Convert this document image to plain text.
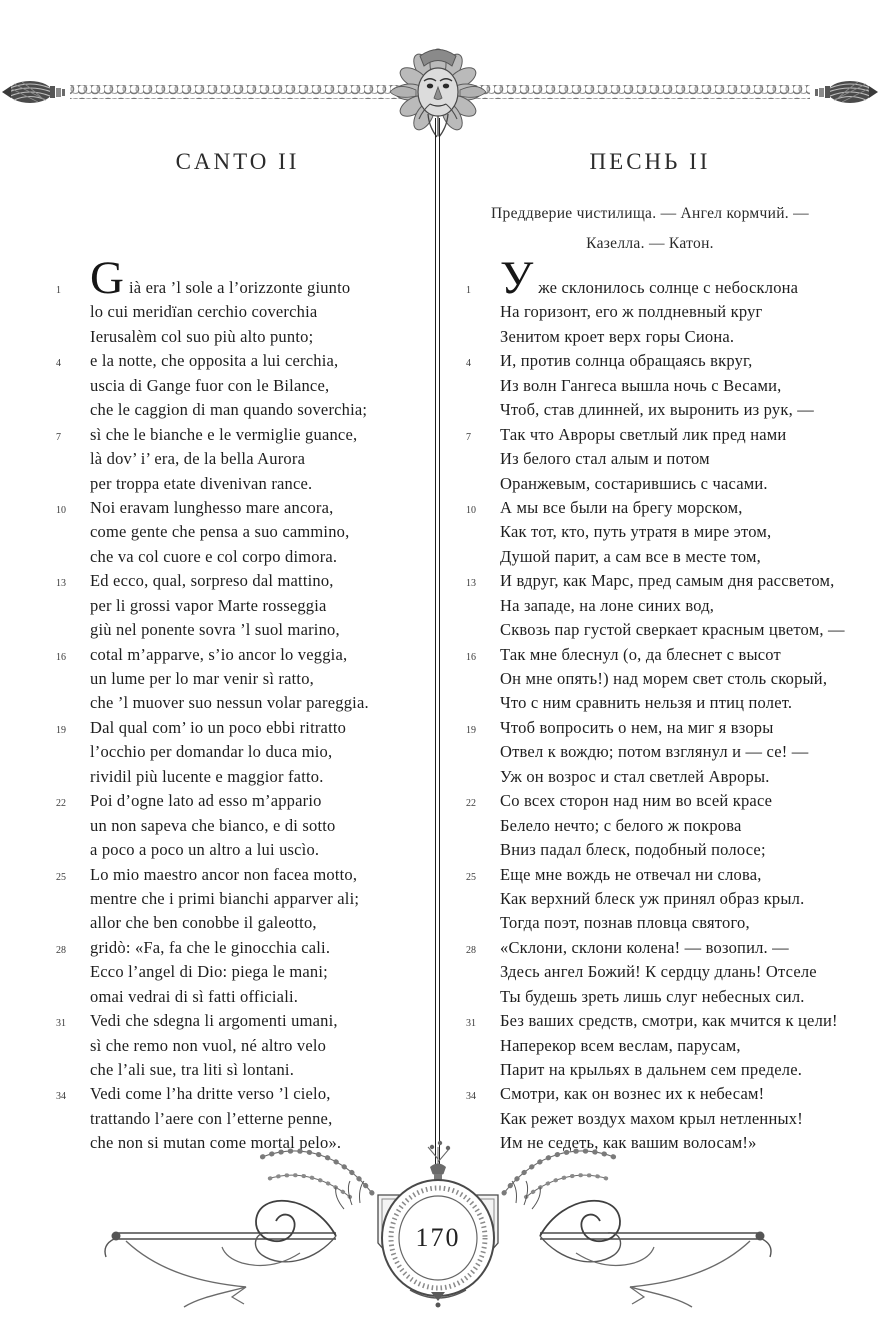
CANTO II	ПЕСНЬ II
Преддверие чистилища. — Ангел кормчий. —
Казелла. — Катон.
1 G ià era ’l sole a l’orizzonte giunto
lo cui meridïan cerchio coverchia
Ierusalèm col suo più alto punto;
4 e la notte, che opposita a lui cerchia,
uscia di Gange fuor con le Bilance,
che le caggion di man quando soverchia;
7 sì che le bianche e le vermiglie guance,
là dov’ i’ era, de la bella Aurora
per troppa etate divenivan rance.
10 Noi eravam lunghesso mare ancora,
come gente che pensa a suo cammino,
che va col cuore e col corpo dimora.
13 Ed ecco, qual, sorpreso dal mattino,
per li grossi vapor Marte rosseggia
giù nel ponente sovra ’l suol marino,
16 cotal m’apparve, s’io ancor lo veggia,
un lume per lo mar venir sì ratto,
che ’l muover suo nessun volar pareggia.
19 Dal qual com’ io un poco ebbi ritratto
l’occhio per domandar lo duca mio,
rividil più lucente e maggior fatto.
22 Poi d’ogne lato ad esso m’appario
un non sapeva che bianco, e di sotto
a poco a poco un altro a lui uscìo.
25 Lo mio maestro ancor non facea motto,
mentre che i primi bianchi apparver ali;
allor che ben conobbe il galeotto,
28 gridò: «Fa, fa che le ginocchia cali.
Ecco l’angel di Dio: piega le mani;
omai vedrai di sì fatti officiali.
31 Vedi che sdegna li argomenti umani,
sì che remo non vuol, né altro velo
che l’ali sue, tra liti sì lontani.
34 Vedi come l’ha dritte verso ’l cielo,
trattando l’aere con l’etterne penne,
che non si mutan come mortal pelo».
1 У же склонилось солнце с небосклона
На горизонт, его ж полдневный круг
Зенитом кроет верх горы Сиона.
4 И, против солнца обращаясь вкруг,
Из волн Гангеса вышла ночь с Весами,
Чтоб, став длинней, их выронить из рук, —
7 Так что Авроры светлый лик пред нами
Из белого стал алым и потом
Оранжевым, состарившись с часами.
10 А мы все были на брегу морском,
Как тот, кто, путь утратя в мире этом,
Душой парит, а сам все в месте том,
13 И вдруг, как Марс, пред самым дня рассветом,
На западе, на лоне синих вод,
Сквозь пар густой сверкает красным цветом, —
16 Так мне блеснул (о, да блеснет с высот
Он мне опять!) над морем свет столь скорый,
Что с ним сравнить нельзя и птиц полет.
19 Чтоб вопросить о нем, на миг я взоры
Отвел к вождю; потом взглянул и — се! —
Уж он возрос и стал светлей Авроры.
22 Со всех сторон над ним во всей красе
Белело нечто; с белого ж покрова
Вниз падал блеск, подобный полосе;
25 Еще мне вождь не отвечал ни слова,
Как верхний блеск уж принял образ крыл.
Тогда поэт, познав пловца святого,
28 «Склони, склони колена! — возопил. —
Здесь ангел Божий! К сердцу длань! Отселе
Ты будешь зреть лишь слуг небесных сил.
31 Без ваших средств, смотри, как мчится к цели!
Наперекор всем веслам, парусам,
Парит на крыльях в дальнем сем пределе.
34 Смотри, как он вознес их к небесам!
Как режет воздух махом крыл нетленных!
Им не седеть, как вашим волосам!»
170
